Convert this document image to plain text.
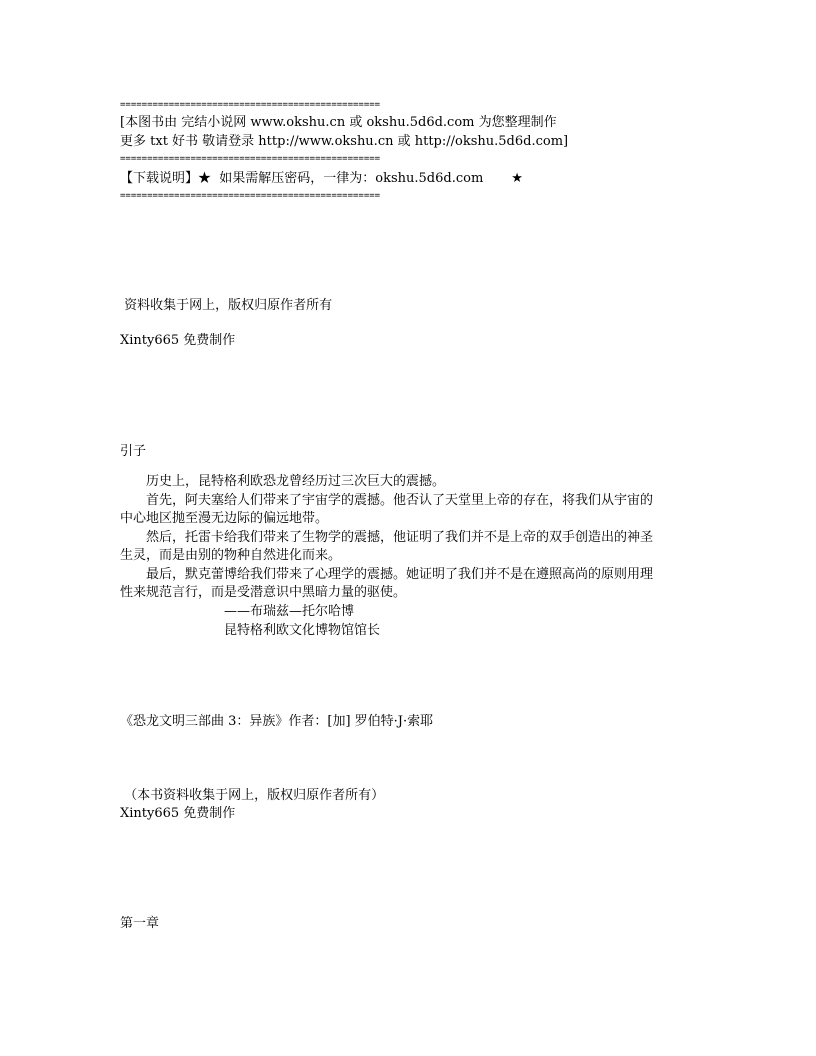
================================================
[本图书由 完结小说网 www.okshu.cn 或 okshu.5d6d.com 为您整理制作
更多 txt 好书 敬请登录 http://www.okshu.cn 或 http://okshu.5d6d.com]
================================================
【下载说明】★  如果需解压密码，一律为：okshu.5d6d.com ★
================================================
资料收集于网上，版权归原作者所有
Xinty665 免费制作
引子
　　历史上，昆特格利欧恐龙曾经历过三次巨大的震撼。
　　首先，阿夫塞给人们带来了宇宙学的震撼。他否认了天堂里上帝的存在，将我们从宇宙的
中心地区抛至漫无边际的偏远地带。
　　然后，托雷卡给我们带来了生物学的震撼，他证明了我们并不是上帝的双手创造出的神圣
生灵，而是由别的物种自然进化而来。
　　最后，默克蕾博给我们带来了心理学的震撼。她证明了我们并不是在遵照高尚的原则用理
性来规范言行，而是受潜意识中黑暗力量的驱使。
　　　　　　　　——布瑞兹—托尔哈博
　　　　　　　　昆特格利欧文化博物馆馆长
《恐龙文明三部曲 3：异族》作者：[加] 罗伯特·J·索耶
（本书资料收集于网上，版权归原作者所有）
Xinty665 免费制作
第一章
